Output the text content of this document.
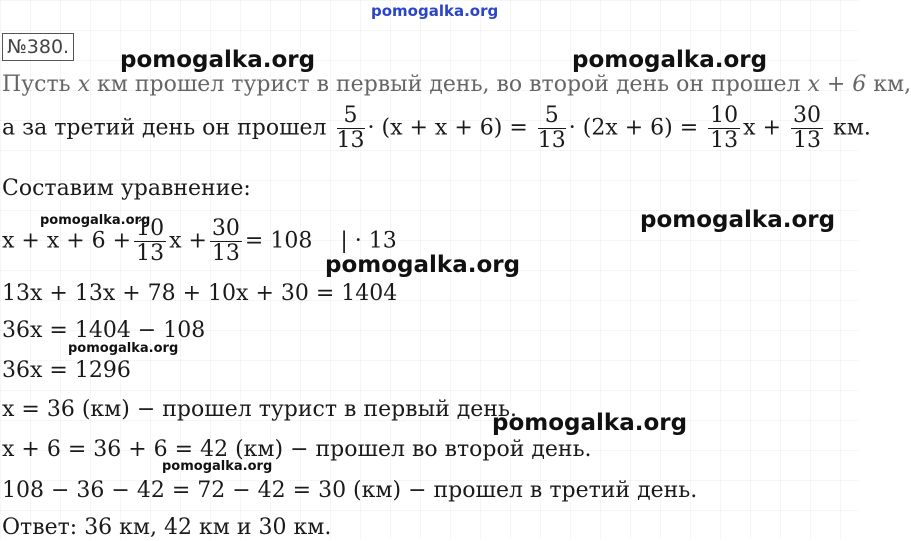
pomogalka.org
№380. pomogalka.org	pomogalka.org
Пусть x км прошел турист в первый день, во второй день он прошел x + 6 км,
а за третий день он прошел $\frac{5}{13} \cdot (x + x + 6) = \frac{5}{13} \cdot (2x + 6) = \frac{10}{13}$ $x + \frac{30}{13}$ км.
Составим уравнение:
pomogalka.org
pomogalka.org
$x + x + 6 + \frac{10}{13}$ $x + \frac{30}{13} = 108$    | · 13
pomogalka.org
13x + 13x + 78 + 10x + 30 = 1404
36x = 1404 − 108
pomogalka.org
36x = 1296
x = 36 (км) − прошел турист в первый день.
pomogalka.org
x + 6 = 36 + 6 = 42 (км) − прошел во второй день.
pomogalka.org
108 − 36 − 42 = 72 − 42 = 30 (км) − прошел в третий день.
Ответ: 36 км, 42 км и 30 км.
